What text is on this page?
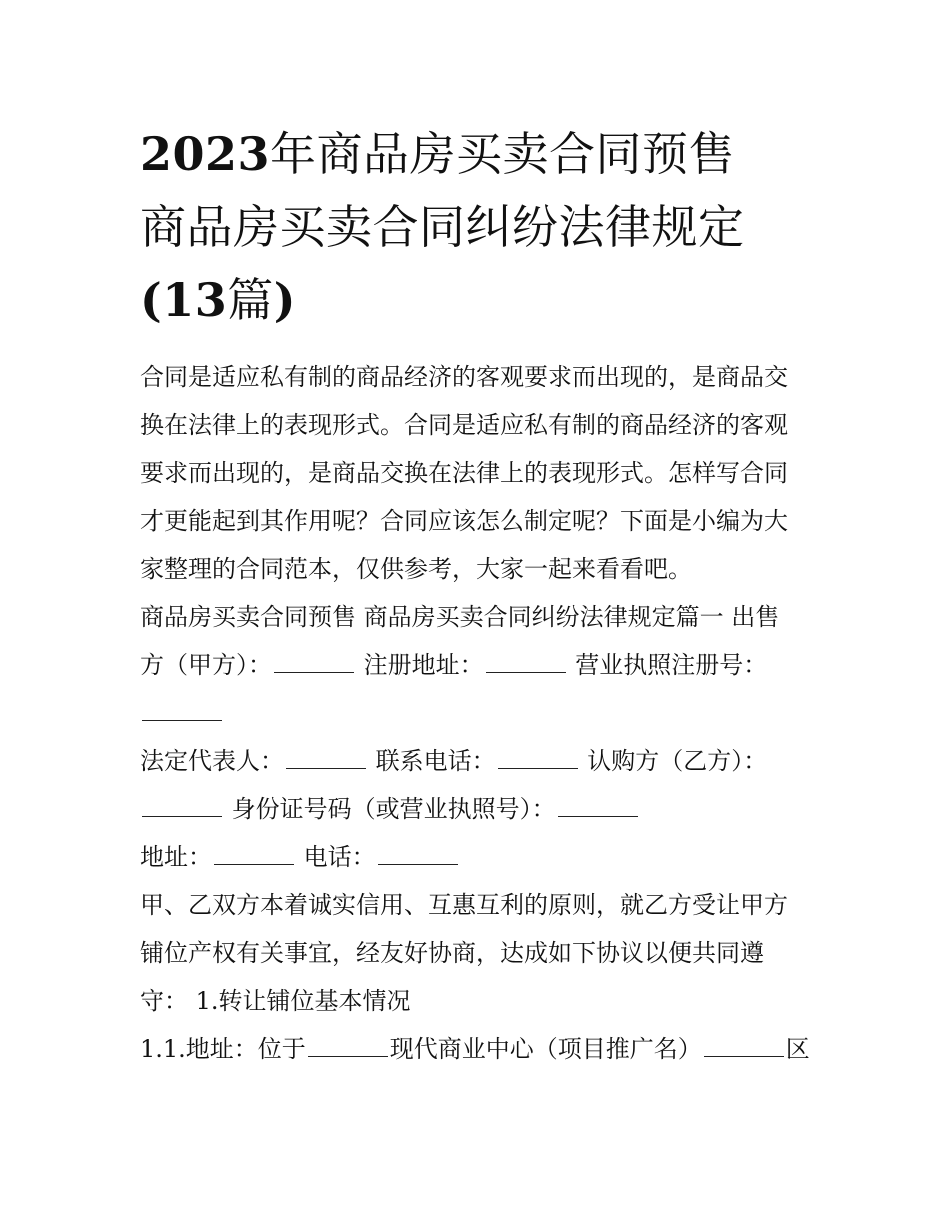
2023年商品房买卖合同预售
商品房买卖合同纠纷法律规定
(13篇)
合同是适应私有制的商品经济的客观要求而出现的，是商品交
换在法律上的表现形式。合同是适应私有制的商品经济的客观
要求而出现的，是商品交换在法律上的表现形式。怎样写合同
才更能起到其作用呢？合同应该怎么制定呢？下面是小编为大
家整理的合同范本，仅供参考，大家一起来看看吧。
商品房买卖合同预售 商品房买卖合同纠纷法律规定篇一 出售
方（甲方）：	注册地址：	营业执照注册号：
法定代表人：	联系电话：	认购方（乙方）：
身份证号码（或营业执照号）：
地址：	电话：
甲、乙双方本着诚实信用、互惠互利的原则，就乙方受让甲方
铺位产权有关事宜，经友好协商，达成如下协议以便共同遵
守： 1.转让铺位基本情况
1.1.地址：位于	现代商业中心（项目推广名）	区
